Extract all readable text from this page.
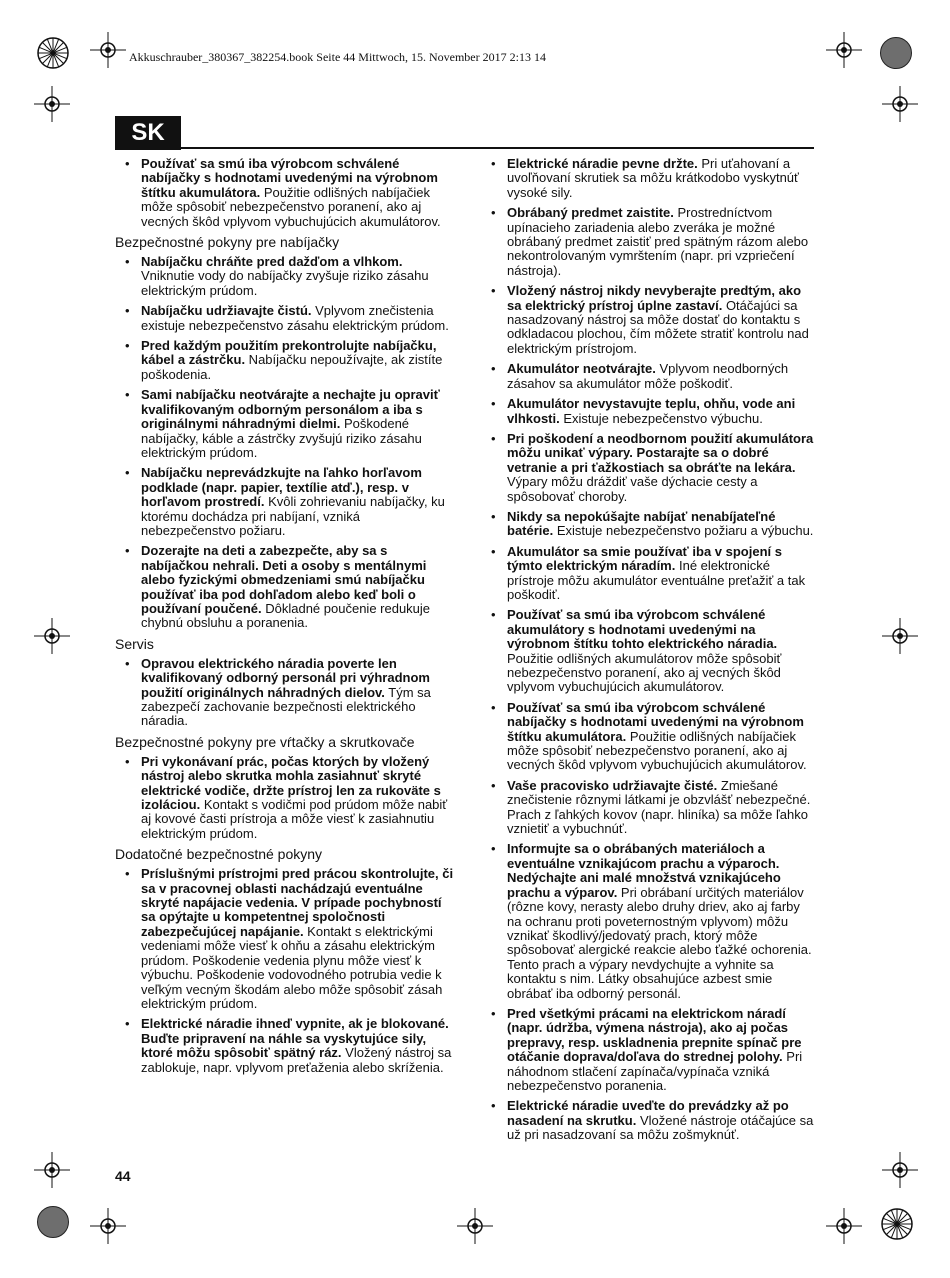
Akkuschrauber_380367_382254.book Seite 44 Mittwoch, 15. November 2017 2:13 14
SK
• Používať sa smú iba výrobcom schválené nabíjačky s hodnotami uvedenými na výrobnom štítku akumulátora. Použitie odlišných nabíjačiek môže spôsobiť nebezpečenstvo poranení, ako aj vecných škôd vplyvom vybuchujúcich akumulátorov.
Bezpečnostné pokyny pre nabíjačky
• Nabíjačku chráňte pred dažďom a vlhkom. Vniknutie vody do nabíjačky zvyšuje riziko zásahu elektrickým prúdom.
• Nabíjačku udržiavajte čistú. Vplyvom znečistenia existuje nebezpečenstvo zásahu elektrickým prúdom.
• Pred každým použitím prekontrolujte nabíjačku, kábel a zástrčku. Nabíjačku nepoužívajte, ak zistíte poškodenia.
• Sami nabíjačku neotvárajte a nechajte ju opraviť kvalifikovaným odborným personálom a iba s originálnymi náhradnými dielmi. Poškodené nabíjačky, káble a zástrčky zvyšujú riziko zásahu elektrickým prúdom.
• Nabíjačku neprevádzkujte na ľahko horľavom podklade (napr. papier, textílie atď.), resp. v horľavom prostredí. Kvôli zohrievaniu nabíjačky, ku ktorému dochádza pri nabíjaní, vzniká nebezpečenstvo požiaru.
• Dozerajte na deti a zabezpečte, aby sa s nabíjačkou nehrali. Deti a osoby s mentálnymi alebo fyzickými obmedzeniami smú nabíjačku používať iba pod dohľadom alebo keď boli o používaní poučené. Dôkladné poučenie redukuje chybnú obsluhu a poranenia.
Servis
• Opravou elektrického náradia poverte len kvalifikovaný odborný personál pri výhradnom použití originálnych náhradných dielov. Tým sa zabezpečí zachovanie bezpečnosti elektrického náradia.
Bezpečnostné pokyny pre vŕtačky a skrutkovače
• Pri vykonávaní prác, počas ktorých by vložený nástroj alebo skrutka mohla zasiahnuť skryté elektrické vodiče, držte prístroj len za rukoväte s izoláciou. Kontakt s vodičmi pod prúdom môže nabiť aj kovové časti prístroja a môže viesť k zasiahnutiu elektrickým prúdom.
Dodatočné bezpečnostné pokyny
• Príslušnými prístrojmi pred prácou skontrolujte, či sa v pracovnej oblasti nachádzajú eventuálne skryté napájacie vedenia. V prípade pochybností sa opýtajte u kompetentnej spoločnosti zabezpečujúcej napájanie. Kontakt s elektrickými vedeniami môže viesť k ohňu a zásahu elektrickým prúdom. Poškodenie vedenia plynu môže viesť k výbuchu. Poškodenie vodovodného potrubia vedie k veľkým vecným škodám alebo môže spôsobiť zásah elektrickým prúdom.
• Elektrické náradie ihneď vypnite, ak je blokované. Buďte pripravení na náhle sa vyskytujúce sily, ktoré môžu spôsobiť spätný ráz. Vložený nástroj sa zablokuje, napr. vplyvom preťaženia alebo skríženia.
• Elektrické náradie pevne držte. Pri uťahovaní a uvoľňovaní skrutiek sa môžu krátkodobo vyskytnúť vysoké sily.
• Obrábaný predmet zaistite. Prostredníctvom upínacieho zariadenia alebo zveráka je možné obrábaný predmet zaistiť pred spätným rázom alebo nekontrolovaným vymrštením (napr. pri vzpriečení nástroja).
• Vložený nástroj nikdy nevyberajte predtým, ako sa elektrický prístroj úplne zastaví. Otáčajúci sa nasadzovaný nástroj sa môže dostať do kontaktu s odkladacou plochou, čím môžete stratiť kontrolu nad elektrickým prístrojom.
• Akumulátor neotvárajte. Vplyvom neodborných zásahov sa akumulátor môže poškodiť.
• Akumulátor nevystavujte teplu, ohňu, vode ani vlhkosti. Existuje nebezpečenstvo výbuchu.
• Pri poškodení a neodbornom použití akumulátora môžu unikať výpary. Postarajte sa o dobré vetranie a pri ťažkostiach sa obráťte na lekára. Výpary môžu dráždiť vaše dýchacie cesty a spôsobovať choroby.
• Nikdy sa nepokúšajte nabíjať nenabíjateľné batérie. Existuje nebezpečenstvo požiaru a výbuchu.
• Akumulátor sa smie používať iba v spojení s týmto elektrickým náradím. Iné elektronické prístroje môžu akumulátor eventuálne preťažiť a tak poškodiť.
• Používať sa smú iba výrobcom schválené akumulátory s hodnotami uvedenými na výrobnom štítku tohto elektrického náradia. Použitie odlišných akumulátorov môže spôsobiť nebezpečenstvo poranení, ako aj vecných škôd vplyvom vybuchujúcich akumulátorov.
• Používať sa smú iba výrobcom schválené nabíjačky s hodnotami uvedenými na výrobnom štítku akumulátora. Použitie odlišných nabíjačiek môže spôsobiť nebezpečenstvo poranení, ako aj vecných škôd vplyvom vybuchujúcich akumulátorov.
• Vaše pracovisko udržiavajte čisté. Zmiešané znečistenie rôznymi látkami je obzvlášť nebezpečné. Prach z ľahkých kovov (napr. hliníka) sa môže ľahko vznietiť a vybuchnúť.
• Informujte sa o obrábaných materiáloch a eventuálne vznikajúcom prachu a výparoch. Nedýchajte ani malé množstvá vznikajúceho prachu a výparov. Pri obrábaní určitých materiálov (rôzne kovy, nerasty alebo druhy driev, ako aj farby na ochranu proti poveternostným vplyvom) môžu vznikať škodlivý/jedovatý prach, ktorý môže spôsobovať alergické reakcie alebo ťažké ochorenia. Tento prach a výpary nevdychujte a vyhnite sa kontaktu s nim. Látky obsahujúce azbest smie obrábať iba odborný personál.
• Pred všetkými prácami na elektrickom náradí (napr. údržba, výmena nástroja), ako aj počas prepravy, resp. uskladnenia prepnite spínač pre otáčanie doprava/doľava do strednej polohy. Pri náhodnom stlačení zapínača/vypínača vzniká nebezpečenstvo poranenia.
• Elektrické náradie uveďte do prevádzky až po nasadení na skrutku. Vložené nástroje otáčajúce sa už pri nasadzovaní sa môžu zošmyknúť.
44
